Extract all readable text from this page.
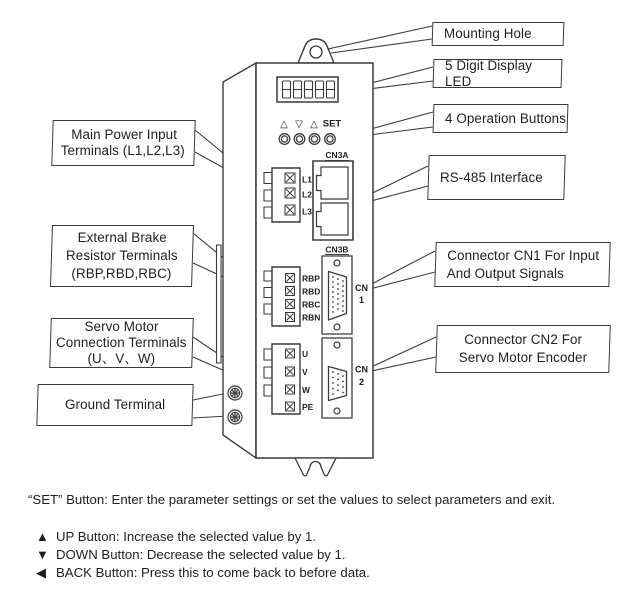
△ ▽ △ SET
CN3A
CN3B
CN
1
CN
2
L1
L2
L3
RBP
RBD
RBC
RBN
U
V
W
PE
Mounting Hole
5 Digit Display LED
4 Operation Buttons
RS-485 Interface
Connector CN1 For Input
And Output Signals
Connector CN2 For
Servo Motor Encoder
Main Power Input
Terminals (L1,L2,L3)
External Brake
Resistor Terminals
(RBP,RBD,RBC)
Servo Motor
Connection Terminals
(U、V、W)
Ground Terminal
“SET” Button: Enter the parameter settings or set the values to select parameters and exit.
▲ UP Button: Increase the selected value by 1.
▼ DOWN Button: Decrease the selected value by 1.
◀ BACK Button: Press this to come back to before data.
